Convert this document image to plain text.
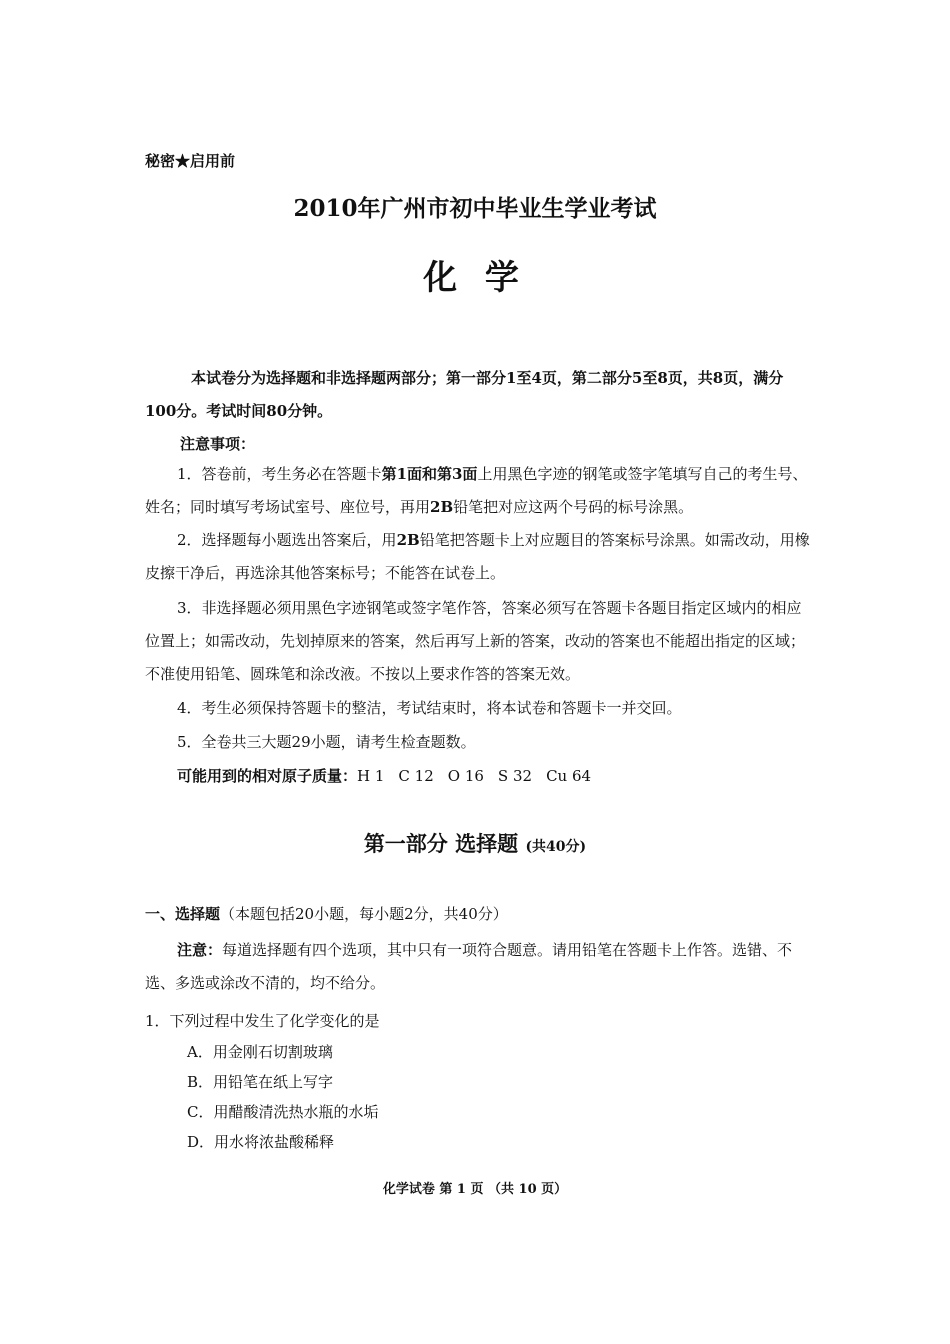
秘密★启用前
2010年广州市初中毕业生学业考试
化 学
本试卷分为选择题和非选择题两部分；第一部分1至4页，第二部分5至8页，共8页，满分100分。考试时间80分钟。
注意事项：
1．答卷前，考生务必在答题卡第1面和第3面上用黑色字迹的钢笔或签字笔填写自己的考生号、姓名；同时填写考场试室号、座位号，再用2B铅笔把对应这两个号码的标号涂黑。
2．选择题每小题选出答案后，用2B铅笔把答题卡上对应题目的答案标号涂黑。如需改动，用橡皮擦干净后，再选涂其他答案标号；不能答在试卷上。
3．非选择题必须用黑色字迹钢笔或签字笔作答，答案必须写在答题卡各题目指定区域内的相应位置上；如需改动，先划掉原来的答案，然后再写上新的答案，改动的答案也不能超出指定的区域；不准使用铅笔、圆珠笔和涂改液。不按以上要求作答的答案无效。
4．考生必须保持答题卡的整洁，考试结束时，将本试卷和答题卡一并交回。
5．全卷共三大题29小题，请考生检查题数。
可能用到的相对原子质量：H 1 C 12 O 16 S 32 Cu 64
第一部分 选择题 (共40分)
一、选择题（本题包括20小题，每小题2分，共40分）
注意：每道选择题有四个选项，其中只有一项符合题意。请用铅笔在答题卡上作答。选错、不选、多选或涂改不清的，均不给分。
1．下列过程中发生了化学变化的是
A．用金刚石切割玻璃
B．用铅笔在纸上写字
C．用醋酸清洗热水瓶的水垢
D．用水将浓盐酸稀释
化学试卷 第 1 页 （共 10 页）
